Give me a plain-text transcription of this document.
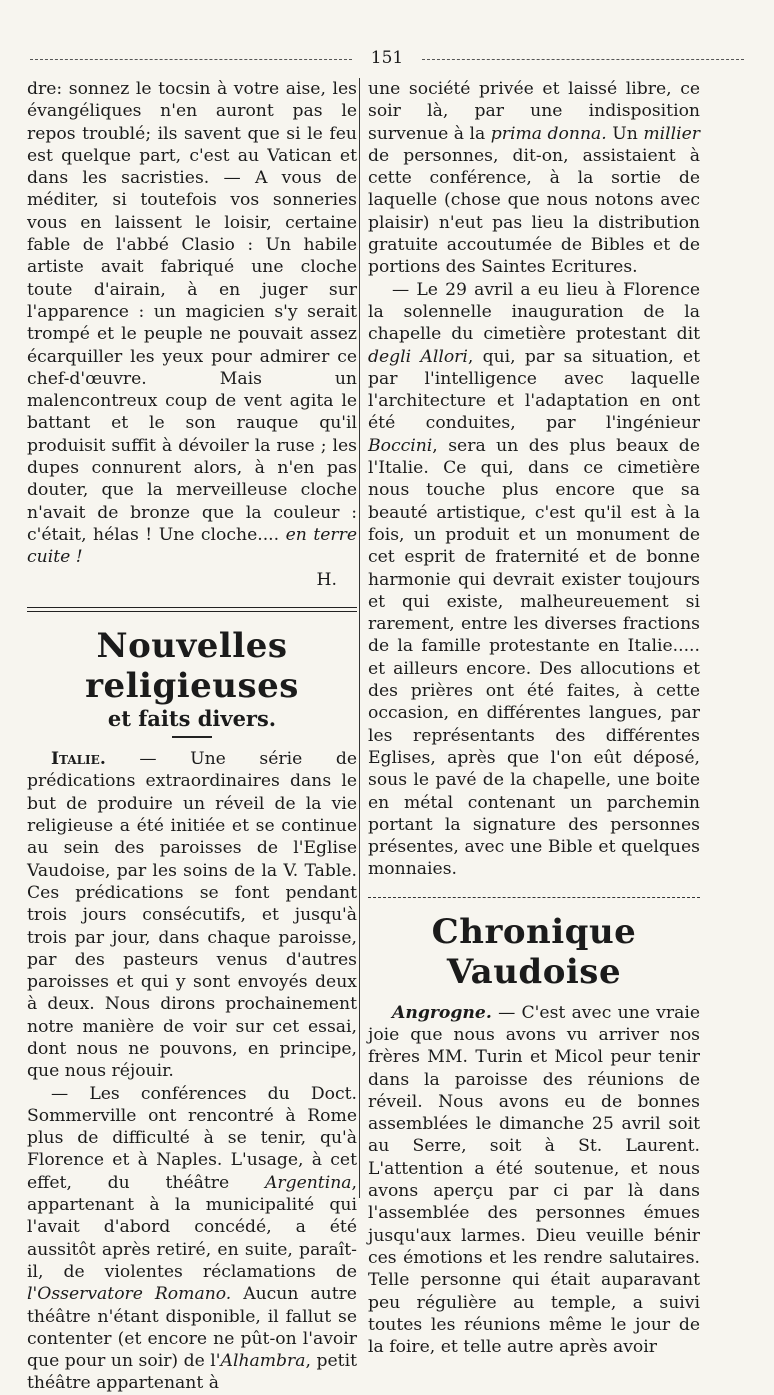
151

dre: sonnez le tocsin à votre aise, les évangéliques n'en auront pas le repos troublé; ils savent que si le feu est quelque part, c'est au Vatican et dans les sacristies. — A vous de méditer, si toutefois vos sonneries vous en laissent le loisir, certaine fable de l'abbé Clasio : Un habile artiste avait fabriqué une cloche toute d'airain, à en juger sur l'apparence : un magicien s'y serait trompé et le peuple ne pouvait assez écarquiller les yeux pour admirer ce chef-d'œuvre. Mais un malencontreux coup de vent agita le battant et le son rauque qu'il produisit suffit à dévoiler la ruse ; les dupes connurent alors, à n'en pas douter, que la merveilleuse cloche n'avait de bronze que la couleur : c'était, hélas ! Une cloche.... en terre cuite !

H.

Nouvelles religieuses
et faits divers.

Italie. — Une série de prédications extraordinaires dans le but de produire un réveil de la vie religieuse a été initiée et se continue au sein des paroisses de l'Eglise Vaudoise, par les soins de la V. Table. Ces prédications se font pendant trois jours consécutifs, et jusqu'à trois par jour, dans chaque paroisse, par des pasteurs venus d'autres paroisses et qui y sont envoyés deux à deux. Nous dirons prochainement notre manière de voir sur cet essai, dont nous ne pouvons, en principe, que nous réjouir.

— Les conférences du Doct. Sommerville ont rencontré à Rome plus de difficulté à se tenir, qu'à Florence et à Naples. L'usage, à cet effet, du théâtre Argentina, appartenant à la municipalité qui l'avait d'abord concédé, a été aussitôt après retiré, en suite, paraît-il, de violentes réclamations de l'Osservatore Romano. Aucun autre théâtre n'étant disponible, il fallut se contenter (et encore ne pût-on l'avoir que pour un soir) de l'Alhambra, petit théâtre appartenant à

une société privée et laissé libre, ce soir là, par une indisposition survenue à la prima donna. Un millier de personnes, dit-on, assistaient à cette conférence, à la sortie de laquelle (chose que nous notons avec plaisir) n'eut pas lieu la distribution gratuite accoutumée de Bibles et de portions des Saintes Ecritures.

— Le 29 avril a eu lieu à Florence la solennelle inauguration de la chapelle du cimetière protestant dit degli Allori, qui, par sa situation, et par l'intelligence avec laquelle l'architecture et l'adaptation en ont été conduites, par l'ingénieur Boccini, sera un des plus beaux de l'Italie. Ce qui, dans ce cimetière nous touche plus encore que sa beauté artistique, c'est qu'il est à la fois, un produit et un monument de cet esprit de fraternité et de bonne harmonie qui devrait exister toujours et qui existe, malheureuement si rarement, entre les diverses fractions de la famille protestante en Italie..... et ailleurs encore. Des allocutions et des prières ont été faites, à cette occasion, en différentes langues, par les représentants des différentes Eglises, après que l'on eût déposé, sous le pavé de la chapelle, une boite en métal contenant un parchemin portant la signature des personnes présentes, avec une Bible et quelques monnaies.

Chronique Vaudoise

Angrogne. — C'est avec une vraie joie que nous avons vu arriver nos frères MM. Turin et Micol peur tenir dans la paroisse des réunions de réveil. Nous avons eu de bonnes assemblées le dimanche 25 avril soit au Serre, soit à St. Laurent. L'attention a été soutenue, et nous avons aperçu par ci par là dans l'assemblée des personnes émues jusqu'aux larmes. Dieu veuille bénir ces émotions et les rendre salutaires. Telle personne qui était auparavant peu régulière au temple, a suivi toutes les réunions même le jour de la foire, et telle autre après avoir
